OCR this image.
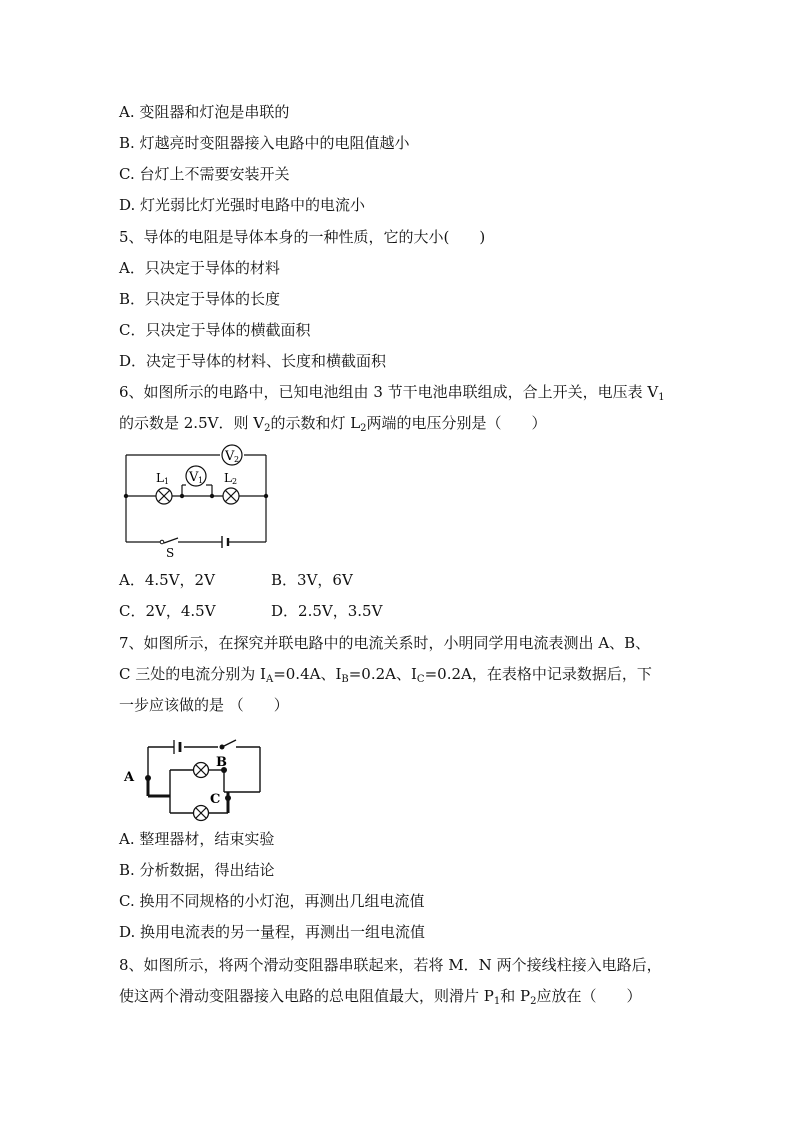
A. 变阻器和灯泡是串联的
B. 灯越亮时变阻器接入电路中的电阻值越小
C. 台灯上不需要安装开关
D. 灯光弱比灯光强时电路中的电流小
5、导体的电阻是导体本身的一种性质，它的大小(　　)
A．只决定于导体的材料
B．只决定于导体的长度
C．只决定于导体的横截面积
D．决定于导体的材料、长度和横截面积
6、如图所示的电路中，已知电池组由 3 节干电池串联组成，合上开关，电压表 $V_1$
的示数是 2.5V．则 $V_2$的示数和灯 $L_2$两端的电压分别是（　　）
V 1
V 2
L 1	L 2
S
A．4.5V，2V	B．3V，6V
C．2V，4.5V	D．2.5V，3.5V
7、如图所示，在探究并联电路中的电流关系时，小明同学用电流表测出 A、B、
C 三处的电流分别为 $I_A=0.4A$、$I_B=0.2A$、$I_C=0.2A$，在表格中记录数据后，下
一步应该做的是 （　　）
A
B
C
A. 整理器材，结束实验
B. 分析数据，得出结论
C. 换用不同规格的小灯泡，再测出几组电流值
D. 换用电流表的另一量程，再测出一组电流值
8、如图所示，将两个滑动变阻器串联起来，若将 M．N 两个接线柱接入电路后，
使这两个滑动变阻器接入电路的总电阻值最大，则滑片 $P_1$和 $P_2$应放在（　　）
